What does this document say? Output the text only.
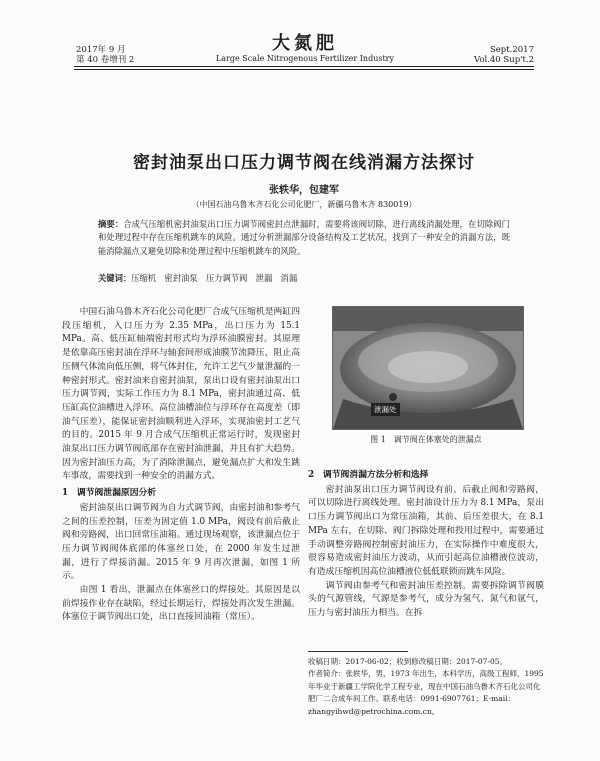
2017年 9 月
第 40 卷增刊 2
大氮肥
Large Scale Nitrogenous Fertilizer Industry
Sept.2017
Vol.40 Sup't.2
密封油泵出口压力调节阀在线消漏方法探讨
张轶华，包建军
（中国石油乌鲁木齐石化公司化肥厂，新疆乌鲁木齐 830019）
摘要：合成气压缩机密封油泵出口压力调节阀密封点泄漏时，需要将该阀切除，进行离线消漏处理，在切除阀门和处理过程中存在压缩机跳车的风险。通过分析泄漏部分设备结构及工艺状况，找到了一种安全的消漏方法，既能消除漏点又避免切除和处理过程中压缩机跳车的风险。
关键词：压缩机　密封油泵　压力调节阀　泄漏　消漏

中国石油乌鲁木齐石化公司化肥厂合成气压缩机是两缸四段压缩机，入口压力为 2.35 MPa，出口压力为 15.1 MPa。高、低压缸轴端密封形式均为浮环油膜密封。其原理是依靠高压密封油在浮环与轴套间形成油膜节流降压，阻止高压侧气体流向低压侧，将气体封住，允许工艺气少量泄漏的一种密封形式。密封油来自密封油泵，泵出口设有密封油泵出口压力调节阀，实际工作压力为 8.1 MPa，密封油通过高、低压缸高位油槽进入浮环。高位油槽油位与浮环存在高度差（即油气压差），能保证密封油顺利进入浮环，实现油密封工艺气的目的。2015 年 9 月合成气压缩机正常运行时，发现密封油泵出口压力调节阀底部存在密封油泄漏，并且有扩大趋势。因为密封油压力高，为了消除泄漏点，避免漏点扩大和发生跳车事故，需要找到一种安全的消漏方式。

1　调节阀泄漏原因分析

密封油泵出口调节阀为自力式调节阀，由密封油和参考气之间的压差控制，压差为固定值 1.0 MPa，阀设有前后截止阀和旁路阀，出口回常压油箱。通过现场观察，该泄漏点位于压力调节阀阀体底部的体塞丝口处，在 2000 年发生过泄漏，进行了焊接消漏。2015 年 9 月再次泄漏，如图 1 所示。

由图 1 看出，泄漏点在体塞丝口的焊接处。其原因是以前焊接作业存在缺陷，经过长期运行，焊接处再次发生泄漏。体塞位于调节阀出口处，出口直接回油箱（常压）。

泄漏处
图 1　调节阀在体塞处的泄漏点
2　调节阀消漏方法分析和选择

密封油泵出口压力调节阀设有前、后截止阀和旁路阀，可以切除进行离线处理。密封油设计压力为 8.1 MPa，泵出口压力调节阀出口为常压油箱，其前、后压差很大，在 8.1 MPa 左右，在切除、阀门拆除处理和投用过程中，需要通过手动调整旁路阀控制密封油压力，在实际操作中难度很大，很容易造成密封油压力波动，从而引起高位油槽液位波动，有造成压缩机因高位油槽液位低低联锁而跳车风险。

调节阀由参考气和密封油压差控制。需要拆除调节阀膜头的气源管线，气源是参考气，成分为氢气、氮气和氩气，压力与密封油压力相当。在拆

收稿日期：2017-06-02；收到修改稿日期：2017-07-05。

作者简介：张轶华，男，1973 年出生，本科学历，高级工程师，1995 年毕业于新疆工学院化学工程专业，现在中国石油乌鲁木齐石化公司化肥厂二合成车间工作。联系电话：0991-6907761；E-mail：zhangyihwd@petrochina.com.cn。
